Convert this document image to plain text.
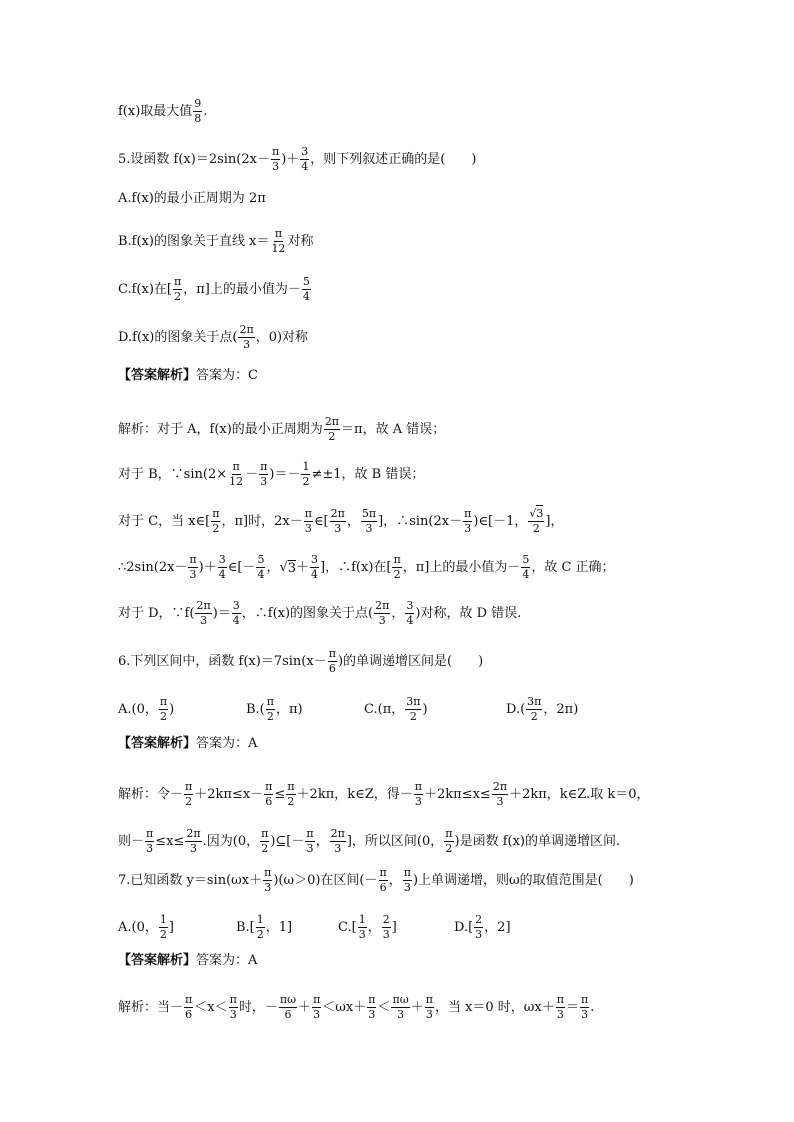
f(x)取最大值 $\frac{9}{8}$ .
5.设函数 $f(x)=2\sin(2x- \frac{\pi}{3}$ )＋ $\frac{3}{4}$ ，则下列叙述正确的是(　　)
A.f(x)的最小正周期为 2π
B.f(x)的图象关于直线 $x= \frac{\pi}{12}$ 对称
C.f(x)在[ $\frac{\pi}{2}$ ，π]上的最小值为－ $\frac{5}{4}$
D.f(x)的图象关于点( $\frac{2\pi}{3}$ ，0)对称
【答案解析】 答案为：C
解析：对于 A，f(x)的最小正周期为 $\frac{2\pi}{2} =\pi$，故 A 错误；
对于 B，∵sin(2× $\frac{\pi}{12} - \frac{\pi}{3}$ )＝－ $\frac{1}{2} \ne\pm 1$，故 B 错误；
对于 C，当 x∈[ $\frac{\pi}{2}$ ，π]时，$2x- \frac{\pi}{3}$ ∈[ $\frac{2\pi}{3}$ ， $\frac{5\pi}{3}$ ]，∴sin(2x－ $\frac{\pi}{3}$ )∈[－1， $\frac{√3}{2}$ ]，
∴2sin(2x－ $\frac{\pi}{3}$ )＋ $\frac{3}{4}$ ∈[－ $\frac{5}{4}$ ， √ $3 + \frac{3}{4}$ ]，∴f(x)在[ $\frac{\pi}{2}$ ，π]上的最小值为－ $\frac{5}{4}$ ，故 C 正确；
对于 D，∵f( $\frac{2\pi}{3}$ )＝ $\frac{3}{4}$ ，∴f(x)的图象关于点( $\frac{2\pi}{3}$ ， $\frac{3}{4}$ )对称，故 D 错误.
6.下列区间中，函数 $f(x)=7\sin(x- \frac{\pi}{6}$ )的单调递增区间是(　　)
A.(0， $\frac{\pi}{2}$ )	$B.( \frac{\pi}{2}$ ，π)	C.(π， $\frac{3\pi}{2}$ )	$D.( \frac{3\pi}{2}$ ，2π)
【答案解析】 答案为：A
解析：令－ $\frac{\pi}{2} +2k\pi\le x- \frac{\pi}{6} \le \frac{\pi}{2} +2k\pi$，k∈Z，得－ $\frac{\pi}{3} +2k\pi\le x\le \frac{2\pi}{3} +2k\pi$，k∈Z.取 k＝0，
则－ $\frac{\pi}{3} \le x\le \frac{2\pi}{3}$ .因为(0， $\frac{\pi}{2}$ )⊆[－ $\frac{\pi}{3}$ ， $\frac{2\pi}{3}$ ]，所以区间(0， $\frac{\pi}{2}$ )是函数 f(x)的单调递增区间.
7.已知函数 $y=\sin(\omega x+ \frac{\pi}{3} )(\omega>0)$在区间(－ $\frac{\pi}{6}$ ， $\frac{\pi}{3}$ )上单调递增，则ω的取值范围是(　　)
A.(0， $\frac{1}{2}$ ]	$B.[ \frac{1}{2}$ ，1]	$C.[ \frac{1}{3}$ ， $\frac{2}{3}$ ]	$D.[ \frac{2}{3}$ ，2]
【答案解析】 答案为：A
解析：当－ $\frac{\pi}{6} <x< \frac{\pi}{3}$ 时，－ $\frac{\pi\omega}{6} + \frac{\pi}{3} <\omega x+ \frac{\pi}{3} < \frac{\pi\omega}{3} + \frac{\pi}{3}$ ，当 x＝0 时，$\omega x+ \frac{\pi}{3} = \frac{\pi}{3}$ .
